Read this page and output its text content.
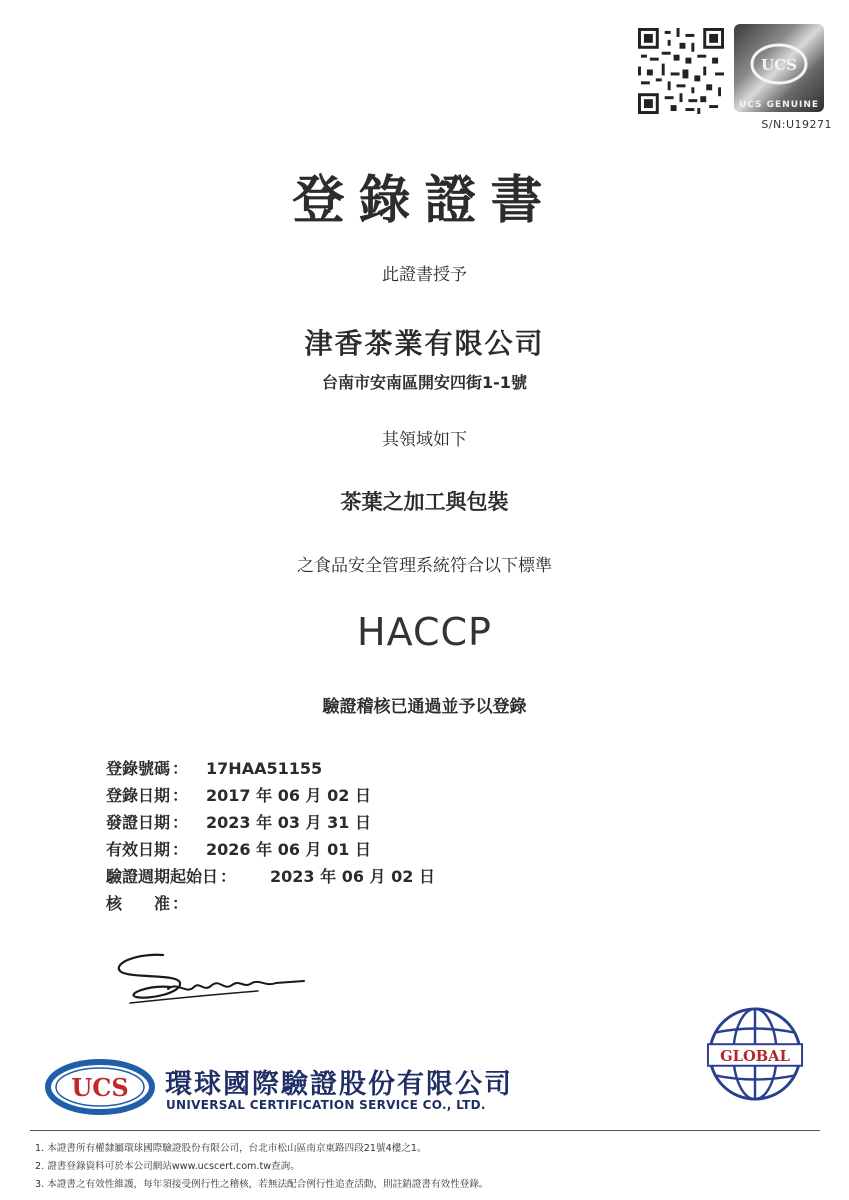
UCS
UCS GENUINE
S/N:U19271
登錄證書
此證書授予
津香茶業有限公司
台南市安南區開安四街1-1號
其領域如下
茶葉之加工與包裝
之食品安全管理系統符合以下標準
HACCP
驗證稽核已通過並予以登錄
登錄號碼 ： 17HAA51155
登錄日期 ： 2017 年 06 月 02 日
發證日期 ： 2023 年 03 月 31 日
有效日期 ： 2026 年 06 月 01 日
驗證週期起始日 ： 2023 年 06 月 02 日
核　　准 ：
GLOBAL
UCS 環球國際驗證股份有限公司
UNIVERSAL CERTIFICATION SERVICE CO., LTD.
1. 本證書所有權隸屬環球國際驗證股份有限公司，台北市松山區南京東路四段21號4樓之1。
2. 證書登錄資料可於本公司網站www.ucscert.com.tw查詢。
3. 本證書之有效性維護，每年須接受例行性之稽核，若無法配合例行性追查活動，則註銷證書有效性登錄。
